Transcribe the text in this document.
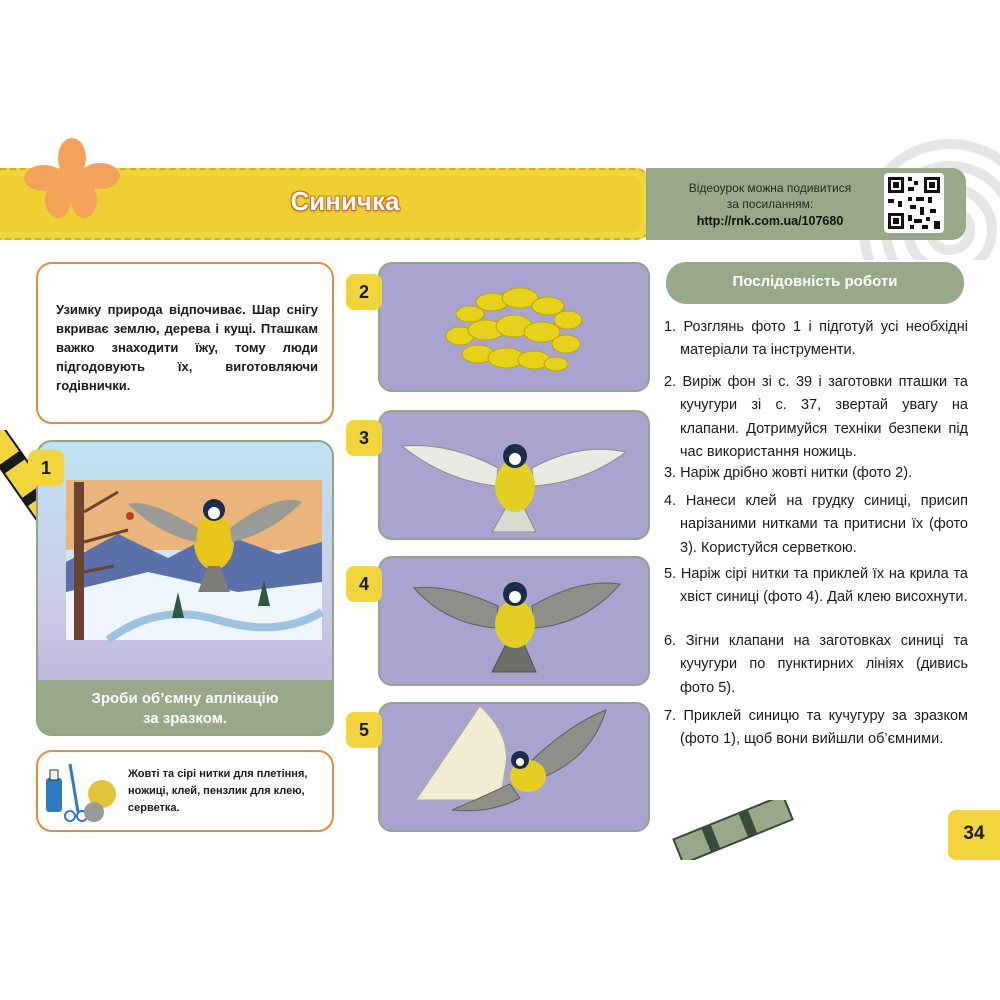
Синичка	Відеоурок можна подивитися
за посиланням:
http://rnk.com.ua/107680
Узимку природа відпочиває. Шар снігу вкриває землю, дерева і кущі. Пташкам важко знаходити їжу, тому люди підгодовують їх, виготовляючи годівнички.
1
Зроби об’ємну аплікацію
за зразком.
Жовті та сірі нитки для плетіння, ножиці, клей, пензлик для клею, серветка.
2
3
4
5
Послідовність роботи
1. Розглянь фото 1 і підготуй усі необхідні матеріали та інструменти.
2. Виріж фон зі с. 39 і заготовки пташки та кучугури зі с. 37, звертай увагу на клапани. Дотримуйся техніки безпеки під час використання ножиць.
3. Наріж дрібно жовті нитки (фото 2).
4. Нанеси клей на грудку синиці, присип нарізаними нитками та притисни їх (фото 3). Користуйся серветкою.
5. Наріж сірі нитки та приклей їх на крила та хвіст синиці (фото 4). Дай клею висохнути.
6. Зігни клапани на заготовках синиці та кучугури по пунктирних лініях (дивись фото 5).
7. Приклей синицю та кучугуру за зразком (фото 1), щоб вони вийшли об’ємними.
34
